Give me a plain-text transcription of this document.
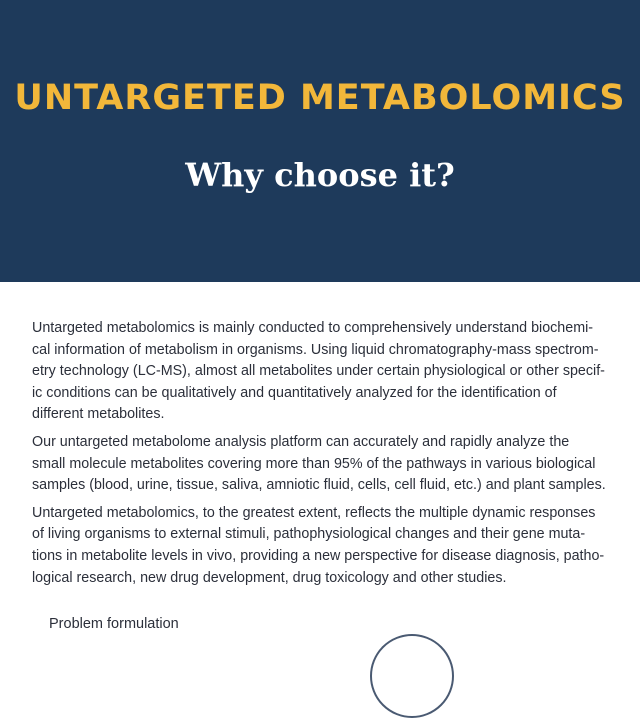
UNTARGETED METABOLOMICS
Why choose it?

Untargeted metabolomics is mainly conducted to comprehensively understand biochemi-
cal information of metabolism in organisms. Using liquid chromatography-mass spectrom-
etry technology (LC-MS), almost all metabolites under certain physiological or other specif-
ic conditions can be qualitatively and quantitatively analyzed for the identification of
different metabolites.

Our untargeted metabolome analysis platform can accurately and rapidly analyze the
small molecule metabolites covering more than 95% of the pathways in various biological
samples (blood, urine, tissue, saliva, amniotic fluid, cells, cell fluid, etc.) and plant samples.

Untargeted metabolomics, to the greatest extent, reflects the multiple dynamic responses
of living organisms to external stimuli, pathophysiological changes and their gene muta-
tions in metabolite levels in vivo, providing a new perspective for disease diagnosis, patho-
logical research, new drug development, drug toxicology and other studies.

Problem formulation
